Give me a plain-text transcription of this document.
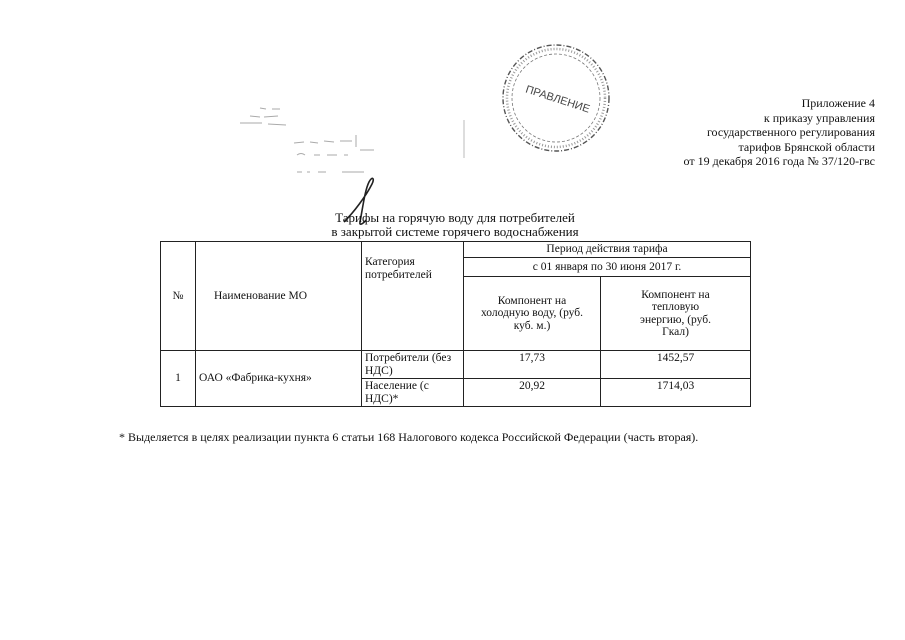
Приложение 4
к приказу управления
государственного регулирования
тарифов Брянской области
от 19 декабря 2016 года № 37/120-гвс
ПРАВЛЕНИЕ
Тарифы на горячую воду для потребителей
в закрытой системе горячего водоснабжения
№	Наименование МО	Категория потребителей	Период действия тарифа	
			с 01 января по 30 июня 2017 г.	
			Компонент на холодную воду, (руб. куб. м.)	Компонент на тепловую энергию, (руб. Гкал)
1	ОАО «Фабрика-кухня»	Потребители (без НДС)	17,73	1452,57
		Население (с НДС)*	20,92	1714,03
* Выделяется в целях реализации пункта 6 статьи 168 Налогового кодекса Российской Федерации (часть вторая).
